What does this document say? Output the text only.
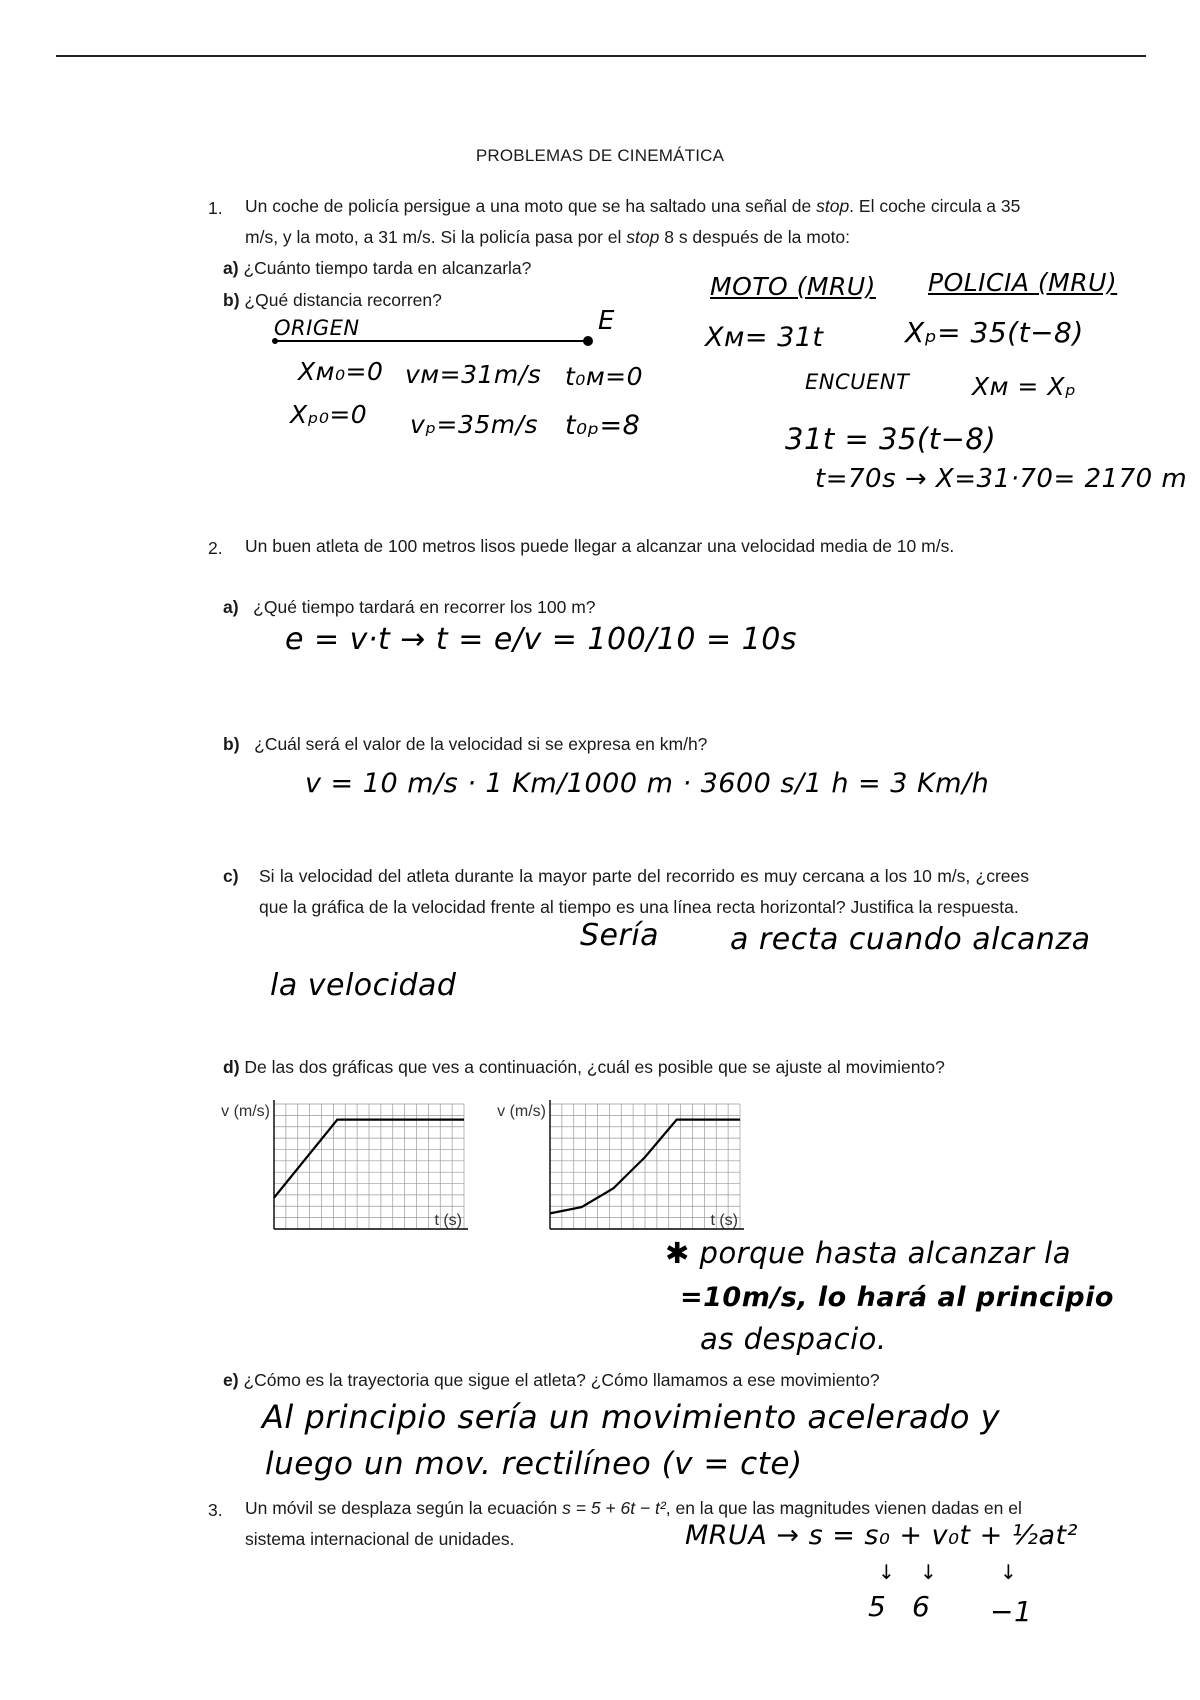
PROBLEMAS DE CINEMÁTICA
1. Un coche de policía persigue a una moto que se ha saltado una señal de stop. El coche circula a 35 m/s, y la moto, a 31 m/s. Si la policía pasa por el stop 8 s después de la moto:
a) ¿Cuánto tiempo tarda en alcanzarla?
b) ¿Qué distancia recorren?
ORIGEN	E
Xᴍ₀=0 vᴍ=31m/s t₀ᴍ=0
Xₚ₀=0 vₚ=35m/s t₀ₚ=8
MOTO (MRU) POLICIA (MRU)
Xᴍ= 31t	Xₚ= 35(t−8)
ENCUENT	Xᴍ = Xₚ
31t = 35(t−8)
t=70s → X=31·70= 2170 m
2. Un buen atleta de 100 metros lisos puede llegar a alcanzar una velocidad media de 10 m/s.
a) ¿Qué tiempo tardará en recorrer los 100 m?
e = v·t → t = e/v = 100/10 = 10s
b) ¿Cuál será el valor de la velocidad si se expresa en km/h?
v = 10 m/s · 1 Km/1000 m · 3600 s/1 h = 3 Km/h
c) Si la velocidad del atleta durante la mayor parte del recorrido es muy cercana a los 10 m/s, ¿crees que la gráfica de la velocidad frente al tiempo es una línea recta horizontal? Justifica la respuesta.
Sería a recta cuando alcanza
la velocidad
d) De las dos gráficas que ves a continuación, ¿cuál es posible que se ajuste al movimiento?
v (m/s)
t (s)
v (m/s)
t (s)
✱ porque hasta alcanzar la
=10m/s, lo hará al principio
as despacio.
e) ¿Cómo es la trayectoria que sigue el atleta? ¿Cómo llamamos a ese movimiento?
Al principio sería un movimiento acelerado y
luego un mov. rectilíneo (v = cte)
3. Un móvil se desplaza según la ecuación s = 5 + 6t − t², en la que las magnitudes vienen dadas en el sistema internacional de unidades.	MRUA → s = s₀ + v₀t + ½at²
↓ ↓	↓
5 6 −1
